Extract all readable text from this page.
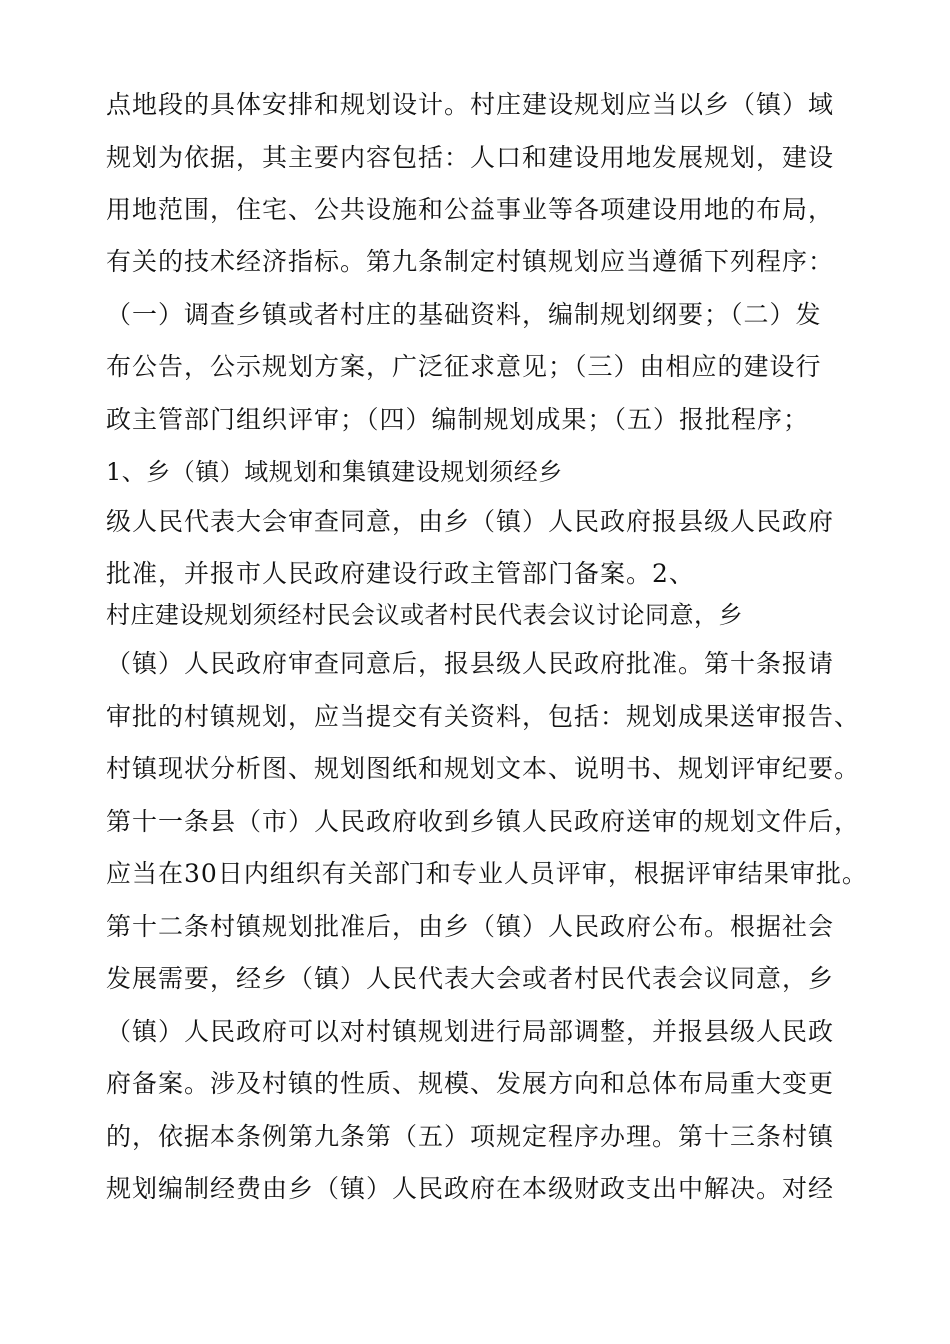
点地段的具体安排和规划设计。村庄建设规划应当以乡（镇）域
规划为依据，其主要内容包括：人口和建设用地发展规划，建设
用地范围，住宅、公共设施和公益事业等各项建设用地的布局，
有关的技术经济指标。第九条制定村镇规划应当遵循下列程序：
（一）调查乡镇或者村庄的基础资料，编制规划纲要；（二）发
布公告，公示规划方案，广泛征求意见；（三）由相应的建设行
政主管部门组织评审；（四）编制规划成果；（五）报批程序；
1、乡（镇）域规划和集镇建设规划须经乡
级人民代表大会审查同意，由乡（镇）人民政府报县级人民政府
批准，并报市人民政府建设行政主管部门备案。2、
村庄建设规划须经村民会议或者村民代表会议讨论同意，乡
（镇）人民政府审查同意后，报县级人民政府批准。第十条报请
审批的村镇规划，应当提交有关资料，包括：规划成果送审报告、
村镇现状分析图、规划图纸和规划文本、说明书、规划评审纪要。
第十一条县（市）人民政府收到乡镇人民政府送审的规划文件后，
应当在30日内组织有关部门和专业人员评审，根据评审结果审批。
第十二条村镇规划批准后，由乡（镇）人民政府公布。根据社会
发展需要，经乡（镇）人民代表大会或者村民代表会议同意，乡
（镇）人民政府可以对村镇规划进行局部调整，并报县级人民政
府备案。涉及村镇的性质、规模、发展方向和总体布局重大变更
的，依据本条例第九条第（五）项规定程序办理。第十三条村镇
规划编制经费由乡（镇）人民政府在本级财政支出中解决。对经
